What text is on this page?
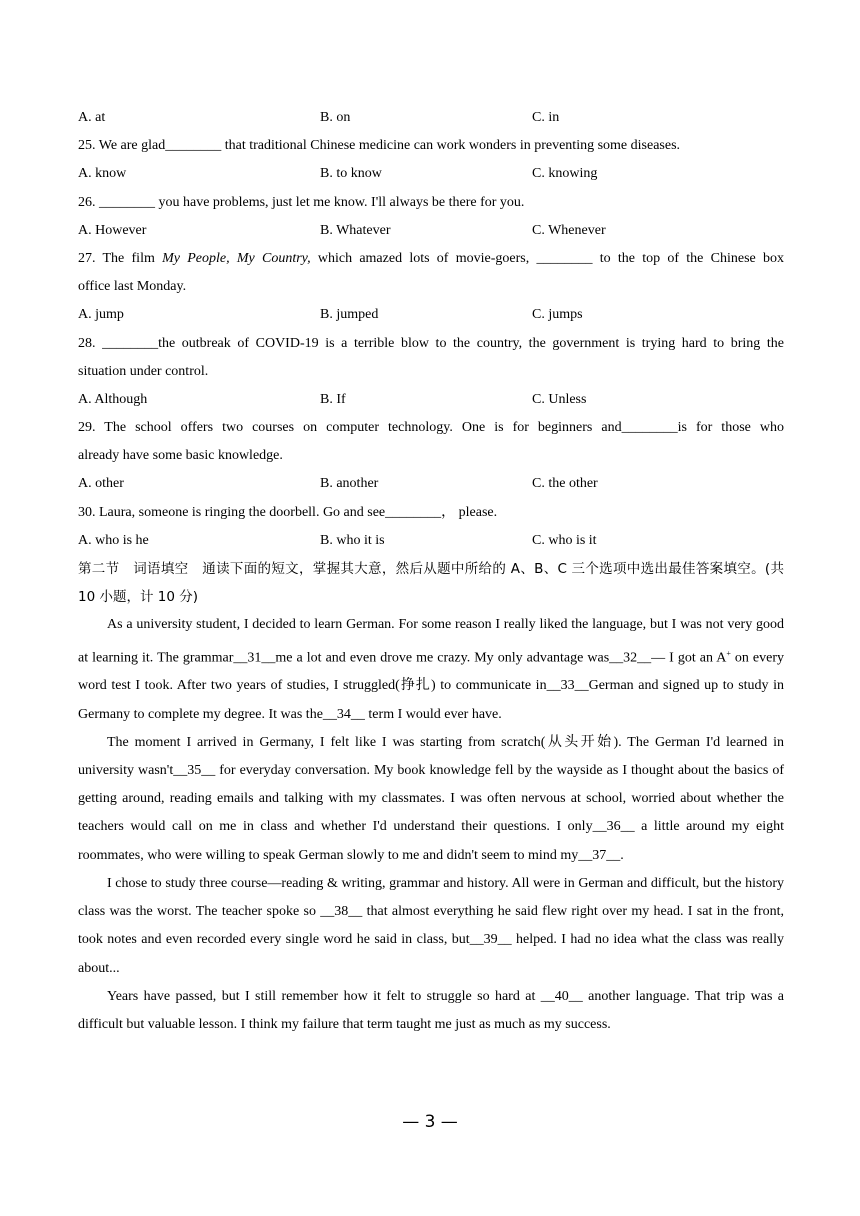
A. at	B. on	C. in
25. We are glad________ that traditional Chinese medicine can work wonders in preventing some diseases.
A. know	B. to know	C. knowing
26. ________ you have problems, just let me know. I'll always be there for you.
A. However	B. Whatever	C. Whenever
27. The film My People, My Country, which amazed lots of movie-goers, ________ to the top of the Chinese box
office last Monday.
A. jump	B. jumped	C. jumps
28. ________the outbreak of COVID-19 is a terrible blow to the country, the government is trying hard to bring the
situation under control.
A. Although	B. If	C. Unless
29. The school offers two courses on computer technology. One is for beginners and________is for those who
already have some basic knowledge.
A. other	B. another	C. the other
30. Laura, someone is ringing the doorbell. Go and see________， please.
A. who is he	B. who it is	C. who is it

第二节　词语填空　通读下面的短文，掌握其大意，然后从题中所给的 A、B、C 三个选项中选出最佳答案填空。(共 10 小题，计 10 分)

As a university student, I decided to learn German. For some reason I really liked the language, but I was not very good at learning it. The grammar__31__me a lot and even drove me crazy. My only advantage was__32__— I got an A+ on every word test I took. After two years of studies, I struggled(挣扎) to communicate in__33__German and signed up to study in Germany to complete my degree. It was the__34__ term I would ever have.

The moment I arrived in Germany, I felt like I was starting from scratch(从头开始). The German I'd learned in university wasn't__35__ for everyday conversation. My book knowledge fell by the wayside as I thought about the basics of getting around, reading emails and talking with my classmates. I was often nervous at school, worried about whether the teachers would call on me in class and whether I'd understand their questions. I only__36__ a little around my eight roommates, who were willing to speak German slowly to me and didn't seem to mind my__37__.

I chose to study three course—reading & writing, grammar and history. All were in German and difficult, but the history class was the worst. The teacher spoke so __38__ that almost everything he said flew right over my head. I sat in the front, took notes and even recorded every single word he said in class, but__39__ helped. I had no idea what the class was really about...

Years have passed, but I still remember how it felt to struggle so hard at __40__ another language. That trip was a difficult but valuable lesson. I think my failure that term taught me just as much as my success.

— 3 —
